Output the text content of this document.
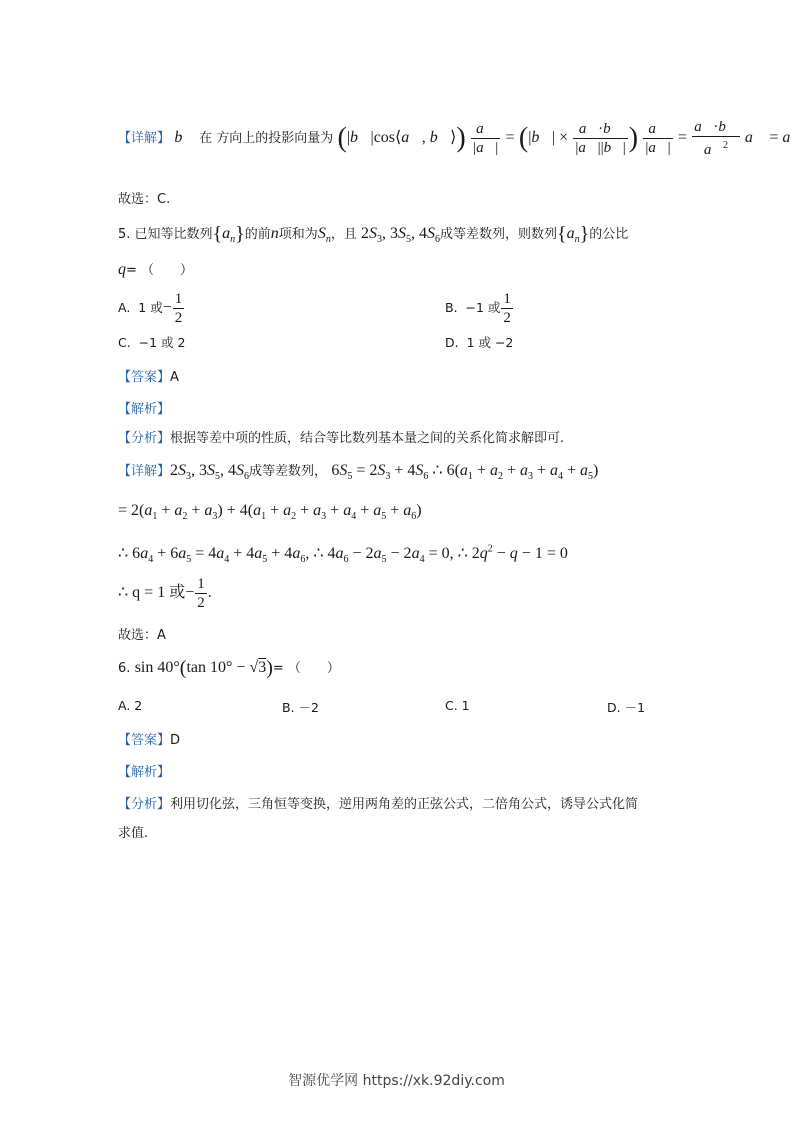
【详解】 b⃗ 在 方向上的投影向量为 (|b⃗|cos⟨a⃗, b⃗⟩) $\frac{a⃗}{|a⃗|}$ = (|b⃗| × $\frac{a⃗\cdot b⃗}{|a⃗||b⃗|}$ ) $\frac{a⃗}{|a⃗|} = \frac{a⃗\cdot b⃗}{a⃗^2}$ a⃗ = a⃗
故选：C.
5. 已知等比数列$\{a_n\}$的前n项和为$S_n$，且 $2S_3$, $3S_5$, $4S_6$成等差数列，则数列$\{a_n\}$的公比
q= （　　）
A. 1 或− $\frac{1}{2}$	B. −1 或 $\frac{1}{2}$
C. −1 或 2	D. 1 或 −2
【答案】A
【解析】
【分析】根据等差中项的性质，结合等比数列基本量之间的关系化简求解即可.
【详解】$2S_3$, $3S_5$, $4S_6$成等差数列， $6S_5 = 2S_3 + 4S_6$ ∴ $6(a_1 + a_2 + a_3 + a_4 + a_5)$
= $2(a_1 + a_2 + a_3) + 4(a_1 + a_2 + a_3 + a_4 + a_5 + a_6)$
∴ $6a_4 + 6a_5 = 4a_4 + 4a_5 + 4a_6$, ∴ $4a_6 - 2a_5 - 2a_4 = 0$, ∴ $2q^2 - q - 1 = 0$
∴ q = 1 或− $\frac{1}{2}$ .
故选：A
6. sin 40°(tan 10° − √3)= （　　）
A. 2	B. －2	C. 1	D. －1
【答案】D
【解析】
【分析】利用切化弦，三角恒等变换，逆用两角差的正弦公式，二倍角公式，诱导公式化简
求值.
智源优学网 https://xk.92diy.com
